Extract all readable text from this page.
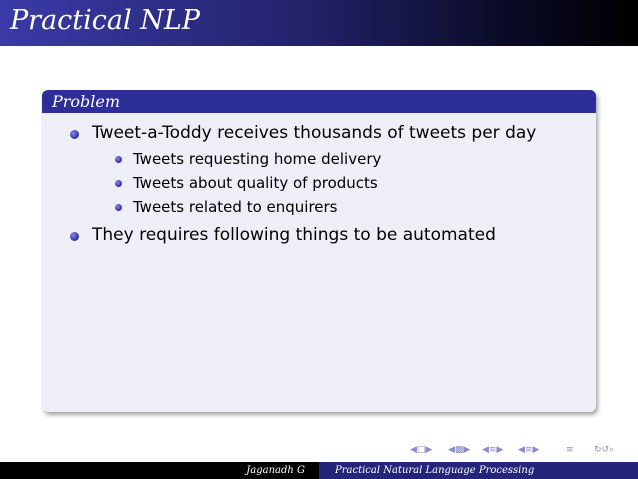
Practical NLP
Problem
Tweet-a-Toddy receives thousands of tweets per day
Tweets requesting home delivery
Tweets about quality of products
Tweets related to enquirers
They requires following things to be automated
◀□▶ ◀▩▶ ◀≡▶ ◀≡▶	≡ ↻↺⌕
Jaganadh G	Practical Natural Language Processing
